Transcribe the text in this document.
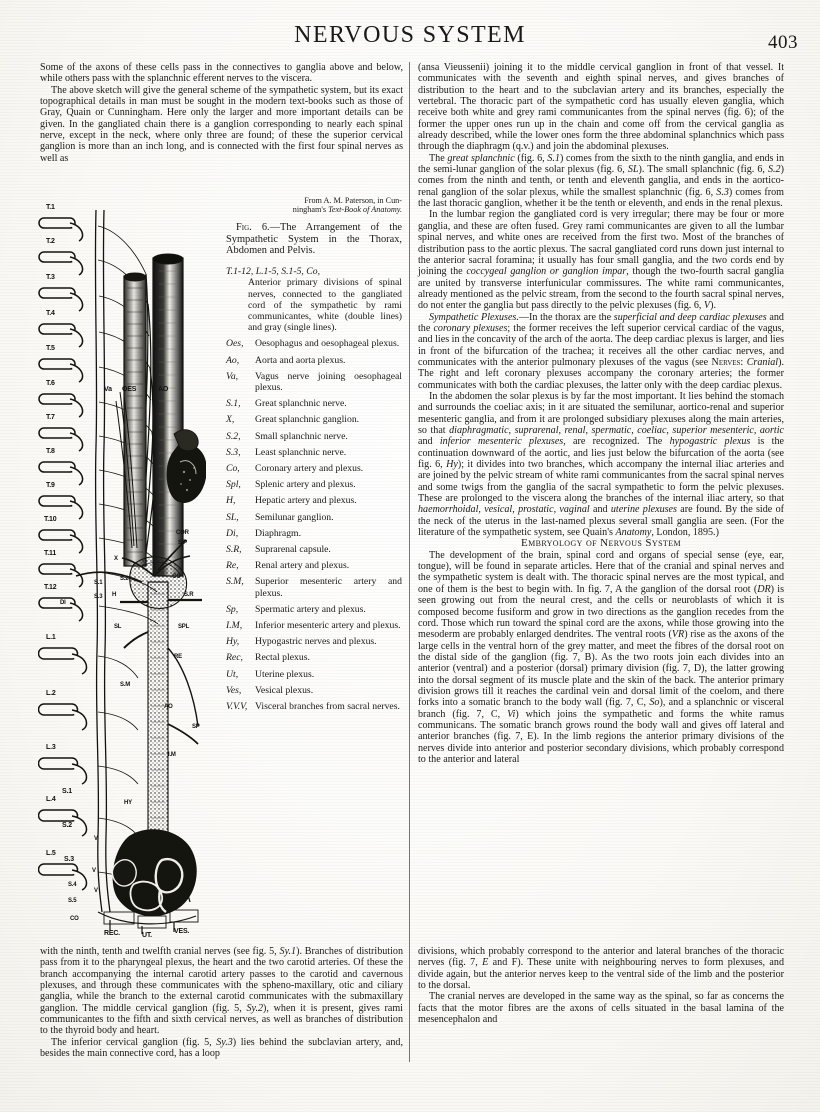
NERVOUS SYSTEM	403

Some of the axons of these cells pass in the connectives to ganglia above and below, while others pass with the splanchnic efferent nerves to the viscera.

The above sketch will give the general scheme of the sympathetic system, but its exact topographical details in man must be sought in the modern text-books such as those of Gray, Quain or Cunningham. Here only the larger and more important details can be given. In the gangliated chain there is a ganglion corresponding to nearly each spinal nerve, except in the neck, where only three are found; of these the superior cervical ganglion is more than an inch long, and is connected with the first four spinal nerves as well as

T.1
T.2
T.3
T.4
T.5
T.6
T.7
T.8
T.9
T.10
T.11
T.12
L.1
L.2
L.3
L.4
L.5
S.1
S.2
S.3
S.4
S.5
CO
Va OES	AO
COR
S.P
X
S.1
S.2
S.3 H
CO
S.R
SPL
SL
RE
S.M
AO
SP
I.M
DI
HY
V
V
V
REC.	UT.
VES.
From A. M. Paterson, in Cun-
ningham's Text-Book of Anatomy.
Fig. 6.—The Arrangement of the Sympathetic System in the Thorax, Abdomen and Pelvis.
T.1-12, L.1-5, S.1-5, Co,
Anterior primary divisions of spinal nerves, connected to the gangliated cord of the sympathetic by rami communicantes, white (double lines) and gray (single lines).
Oes,	Oesophagus and oesophageal plexus.
Ao,	Aorta and aorta plexus.
Va,	Vagus nerve joining oesophageal plexus.
S.1,	Great splanchnic nerve.
X,	Great splanchnic ganglion.
S.2,	Small splanchnic nerve.
S.3,	Least splanchnic nerve.
Co,	Coronary artery and plexus.
Spl,	Splenic artery and plexus.
H,	Hepatic artery and plexus.
SL,	Semilunar ganglion.
Di,	Diaphragm.
S.R,	Suprarenal capsule.
Re,	Renal artery and plexus.
S.M,	Superior mesenteric artery and plexus.
Sp,	Spermatic artery and plexus.
I.M,	Inferior mesenteric artery and plexus.
Hy,	Hypogastric nerves and plexus.
Rec,	Rectal plexus.
Ut,	Uterine plexus.
Ves,	Vesical plexus.
V.V.V, Visceral branches from sacral nerves.

(ansa Vieussenii) joining it to the middle cervical ganglion in front of that vessel. It communicates with the seventh and eighth spinal nerves, and gives branches of distribution to the heart and to the subclavian artery and its branches, especially the vertebral. The thoracic part of the sympathetic cord has usually eleven ganglia, which receive both white and grey rami communicantes from the spinal nerves (fig. 6); of the former the upper ones run up in the chain and come off from the cervical ganglia as already described, while the lower ones form the three abdominal splanchnics which pass through the diaphragm (q.v.) and join the abdominal plexuses.

The great splanchnic (fig. 6, S.1) comes from the sixth to the ninth ganglia, and ends in the semi-lunar ganglion of the solar plexus (fig. 6, SL). The small splanchnic (fig. 6, S.2) comes from the ninth and tenth, or tenth and eleventh ganglia, and ends in the aortico-renal ganglion of the solar plexus, while the smallest splanchnic (fig. 6, S.3) comes from the last thoracic ganglion, whether it be the tenth or eleventh, and ends in the renal plexus.

In the lumbar region the gangliated cord is very irregular; there may be four or more ganglia, and these are often fused. Grey rami communicantes are given to all the lumbar spinal nerves, and white ones are received from the first two. Most of the branches of distribution pass to the aortic plexus. The sacral gangliated cord runs down just internal to the anterior sacral foramina; it usually has four small ganglia, and the two cords end by joining the coccygeal ganglion or ganglion impar, though the two-fourth sacral ganglia are united by transverse interfunicular commissures. The white rami communicantes, already mentioned as the pelvic stream, from the second to the fourth sacral spinal nerves, do not enter the ganglia but pass directly to the pelvic plexuses (fig. 6, V).

Sympathetic Plexuses.—In the thorax are the superficial and deep cardiac plexuses and the coronary plexuses; the former receives the left superior cervical cardiac of the vagus, and lies in the concavity of the arch of the aorta. The deep cardiac plexus is larger, and lies in front of the bifurcation of the trachea; it receives all the other cardiac nerves, and communicates with the anterior pulmonary plexuses of the vagus (see Nerves: Cranial). The right and left coronary plexuses accompany the coronary arteries; the former communicates with both the cardiac plexuses, the latter only with the deep cardiac plexus.

In the abdomen the solar plexus is by far the most important. It lies behind the stomach and surrounds the coeliac axis; in it are situated the semilunar, aortico-renal and superior mesenteric ganglia, and from it are prolonged subsidiary plexuses along the main arteries, so that diaphragmatic, suprarenal, renal, spermatic, coeliac, superior mesenteric, aortic and inferior mesenteric plexuses, are recognized. The hypogastric plexus is the continuation downward of the aortic, and lies just below the bifurcation of the aorta (see fig. 6, Hy); it divides into two branches, which accompany the internal iliac arteries and are joined by the pelvic stream of white rami communicantes from the sacral spinal nerves and some twigs from the ganglia of the sacral sympathetic to form the pelvic plexuses. These are prolonged to the viscera along the branches of the internal iliac artery, so that haemorrhoidal, vesical, prostatic, vaginal and uterine plexuses are found. By the side of the neck of the uterus in the last-named plexus several small ganglia are seen. (For the literature of the sympathetic system, see Quain's Anatomy, London, 1895.)

Embryology of Nervous System

The development of the brain, spinal cord and organs of special sense (eye, ear, tongue), will be found in separate articles. Here that of the cranial and spinal nerves and the sympathetic system is dealt with. The thoracic spinal nerves are the most typical, and one of them is the best to begin with. In fig. 7, A the ganglion of the dorsal root (DR) is seen growing out from the neural crest, and the cells or neuroblasts of which it is composed become fusiform and grow in two directions as the ganglion recedes from the cord. Those which run toward the spinal cord are the axons, while those growing into the mesoderm are probably enlarged dendrites. The ventral roots (VR) rise as the axons of the large cells in the ventral horn of the grey matter, and meet the fibres of the dorsal root on the distal side of the ganglion (fig. 7, B). As the two roots join each divides into an anterior (ventral) and a posterior (dorsal) primary division (fig. 7, D), the latter growing into the dorsal segment of its muscle plate and the skin of the back. The anterior primary division grows till it reaches the cardinal vein and dorsal limit of the coelom, and there forks into a somatic branch to the body wall (fig. 7, C, So), and a splanchnic or visceral branch (fig. 7, C, Vi) which joins the sympathetic and forms the white ramus communicans. The somatic branch grows round the body wall and gives off lateral and anterior branches (fig. 7, E). In the limb regions the anterior primary divisions of the nerves divide into anterior and posterior secondary divisions, which probably correspond to the anterior and lateral

with the ninth, tenth and twelfth cranial nerves (see fig. 5, Sy.1). Branches of distribution pass from it to the pharyngeal plexus, the heart and the two carotid arteries. Of these the branch accompanying the internal carotid artery passes to the carotid and cavernous plexuses, and through these communicates with the spheno-maxillary, otic and ciliary ganglia, while the branch to the external carotid communicates with the submaxillary ganglion. The middle cervical ganglion (fig. 5, Sy.2), when it is present, gives rami communicantes to the fifth and sixth cervical nerves, as well as branches of distribution to the thyroid body and heart.

The inferior cervical ganglion (fig. 5, Sy.3) lies behind the subclavian artery, and, besides the main connective cord, has a loop

divisions, which probably correspond to the anterior and lateral branches of the thoracic nerves (fig. 7, E and F). These unite with neighbouring nerves to form plexuses, and divide again, but the anterior nerves keep to the ventral side of the limb and the posterior to the dorsal.

The cranial nerves are developed in the same way as the spinal, so far as concerns the facts that the motor fibres are the axons of cells situated in the basal lamina of the mesencephalon and
